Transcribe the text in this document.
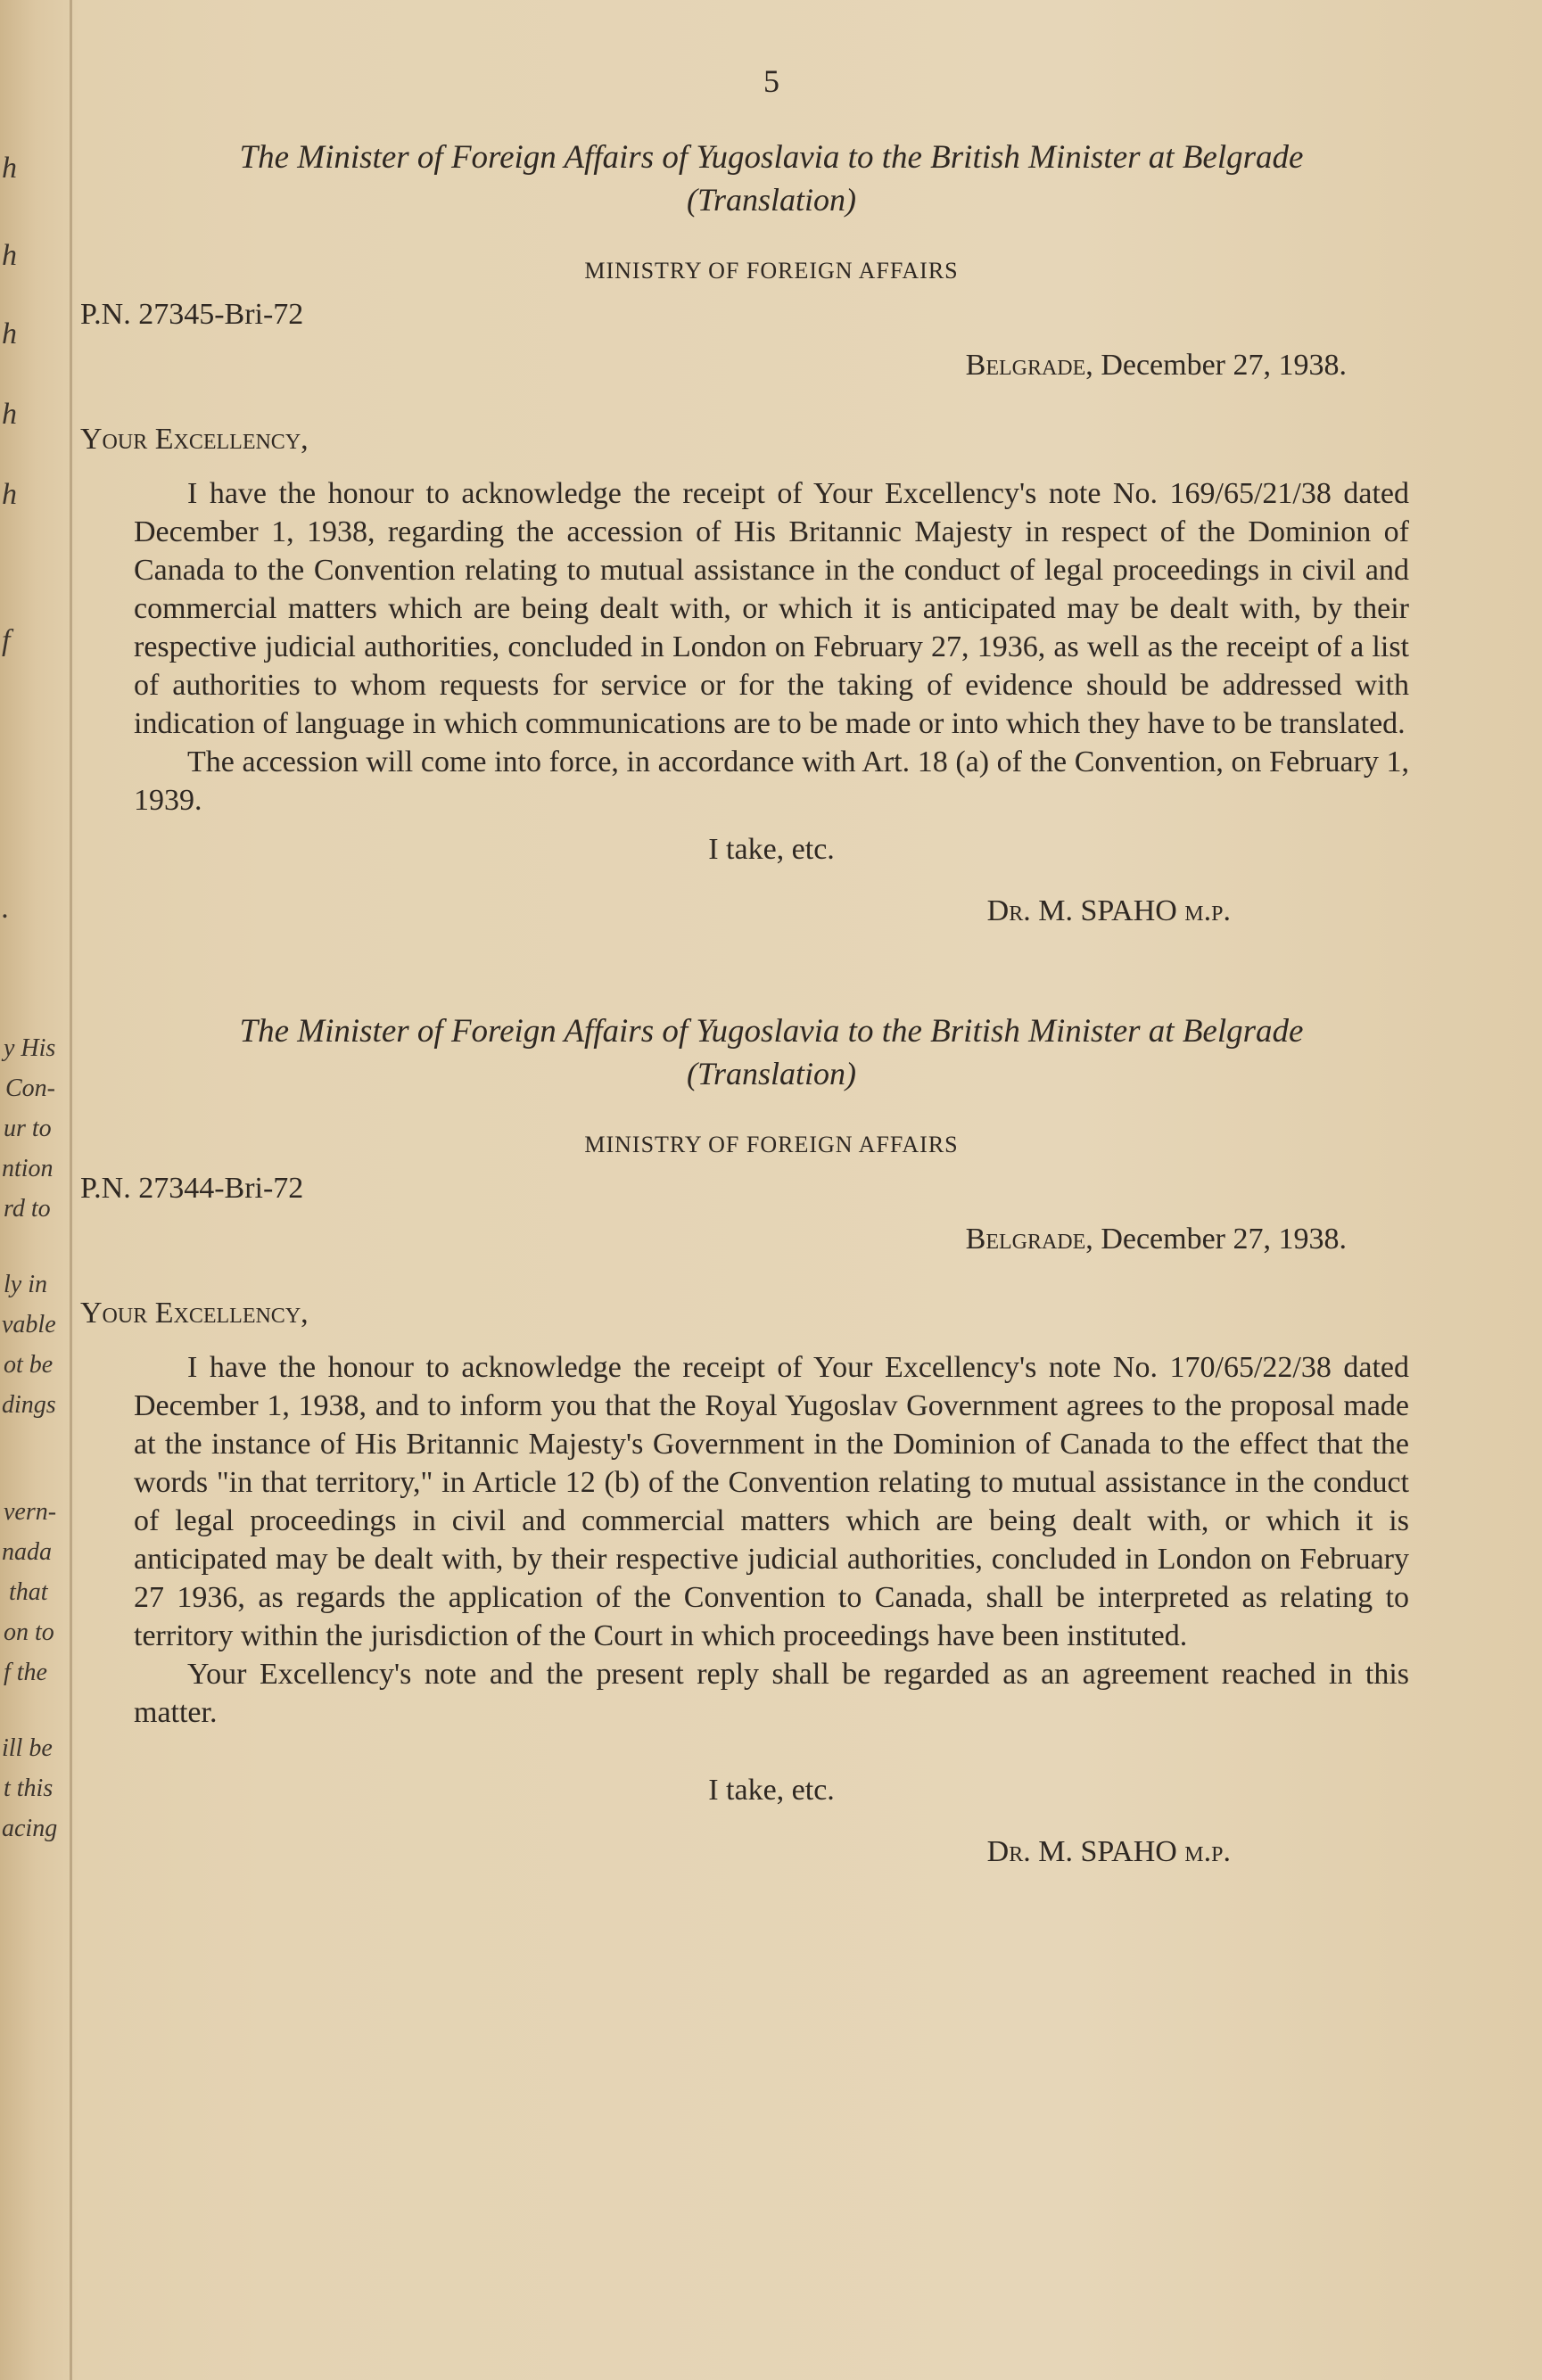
h
h
h
h
h
f
.
y His
Con-
ur to
ntion
rd to
ly in
vable
ot be
dings
vern-
nada
that
on to
f the
ill be
t this
acing
5
The Minister of Foreign Affairs of Yugoslavia to the British Minister at Belgrade
(Translation)
MINISTRY OF FOREIGN AFFAIRS
P.N. 27345-Bri-72
Belgrade, December 27, 1938.
Your Excellency,

I have the honour to acknowledge the receipt of Your Excellency's note No. 169/65/21/38 dated December 1, 1938, regarding the accession of His Britannic Majesty in respect of the Dominion of Canada to the Convention relating to mutual assistance in the conduct of legal proceedings in civil and commercial matters which are being dealt with, or which it is anticipated may be dealt with, by their respective judicial authorities, concluded in London on February 27, 1936, as well as the receipt of a list of authorities to whom requests for service or for the taking of evidence should be addressed with indication of language in which communications are to be made or into which they have to be translated.

The accession will come into force, in accordance with Art. 18 (a) of the Convention, on February 1, 1939.

I take, etc.
Dr. M. SPAHO m.p.
The Minister of Foreign Affairs of Yugoslavia to the British Minister at Belgrade
(Translation)
MINISTRY OF FOREIGN AFFAIRS
P.N. 27344-Bri-72
Belgrade, December 27, 1938.
Your Excellency,

I have the honour to acknowledge the receipt of Your Excellency's note No. 170/65/22/38 dated December 1, 1938, and to inform you that the Royal Yugoslav Government agrees to the proposal made at the instance of His Britannic Majesty's Government in the Dominion of Canada to the effect that the words "in that territory," in Article 12 (b) of the Convention relating to mutual assistance in the conduct of legal proceedings in civil and commercial matters which are being dealt with, or which it is anticipated may be dealt with, by their respective judicial authorities, concluded in London on February 27 1936, as regards the application of the Convention to Canada, shall be interpreted as relating to territory within the jurisdiction of the Court in which proceedings have been instituted.

Your Excellency's note and the present reply shall be regarded as an agreement reached in this matter.

I take, etc.
Dr. M. SPAHO m.p.
